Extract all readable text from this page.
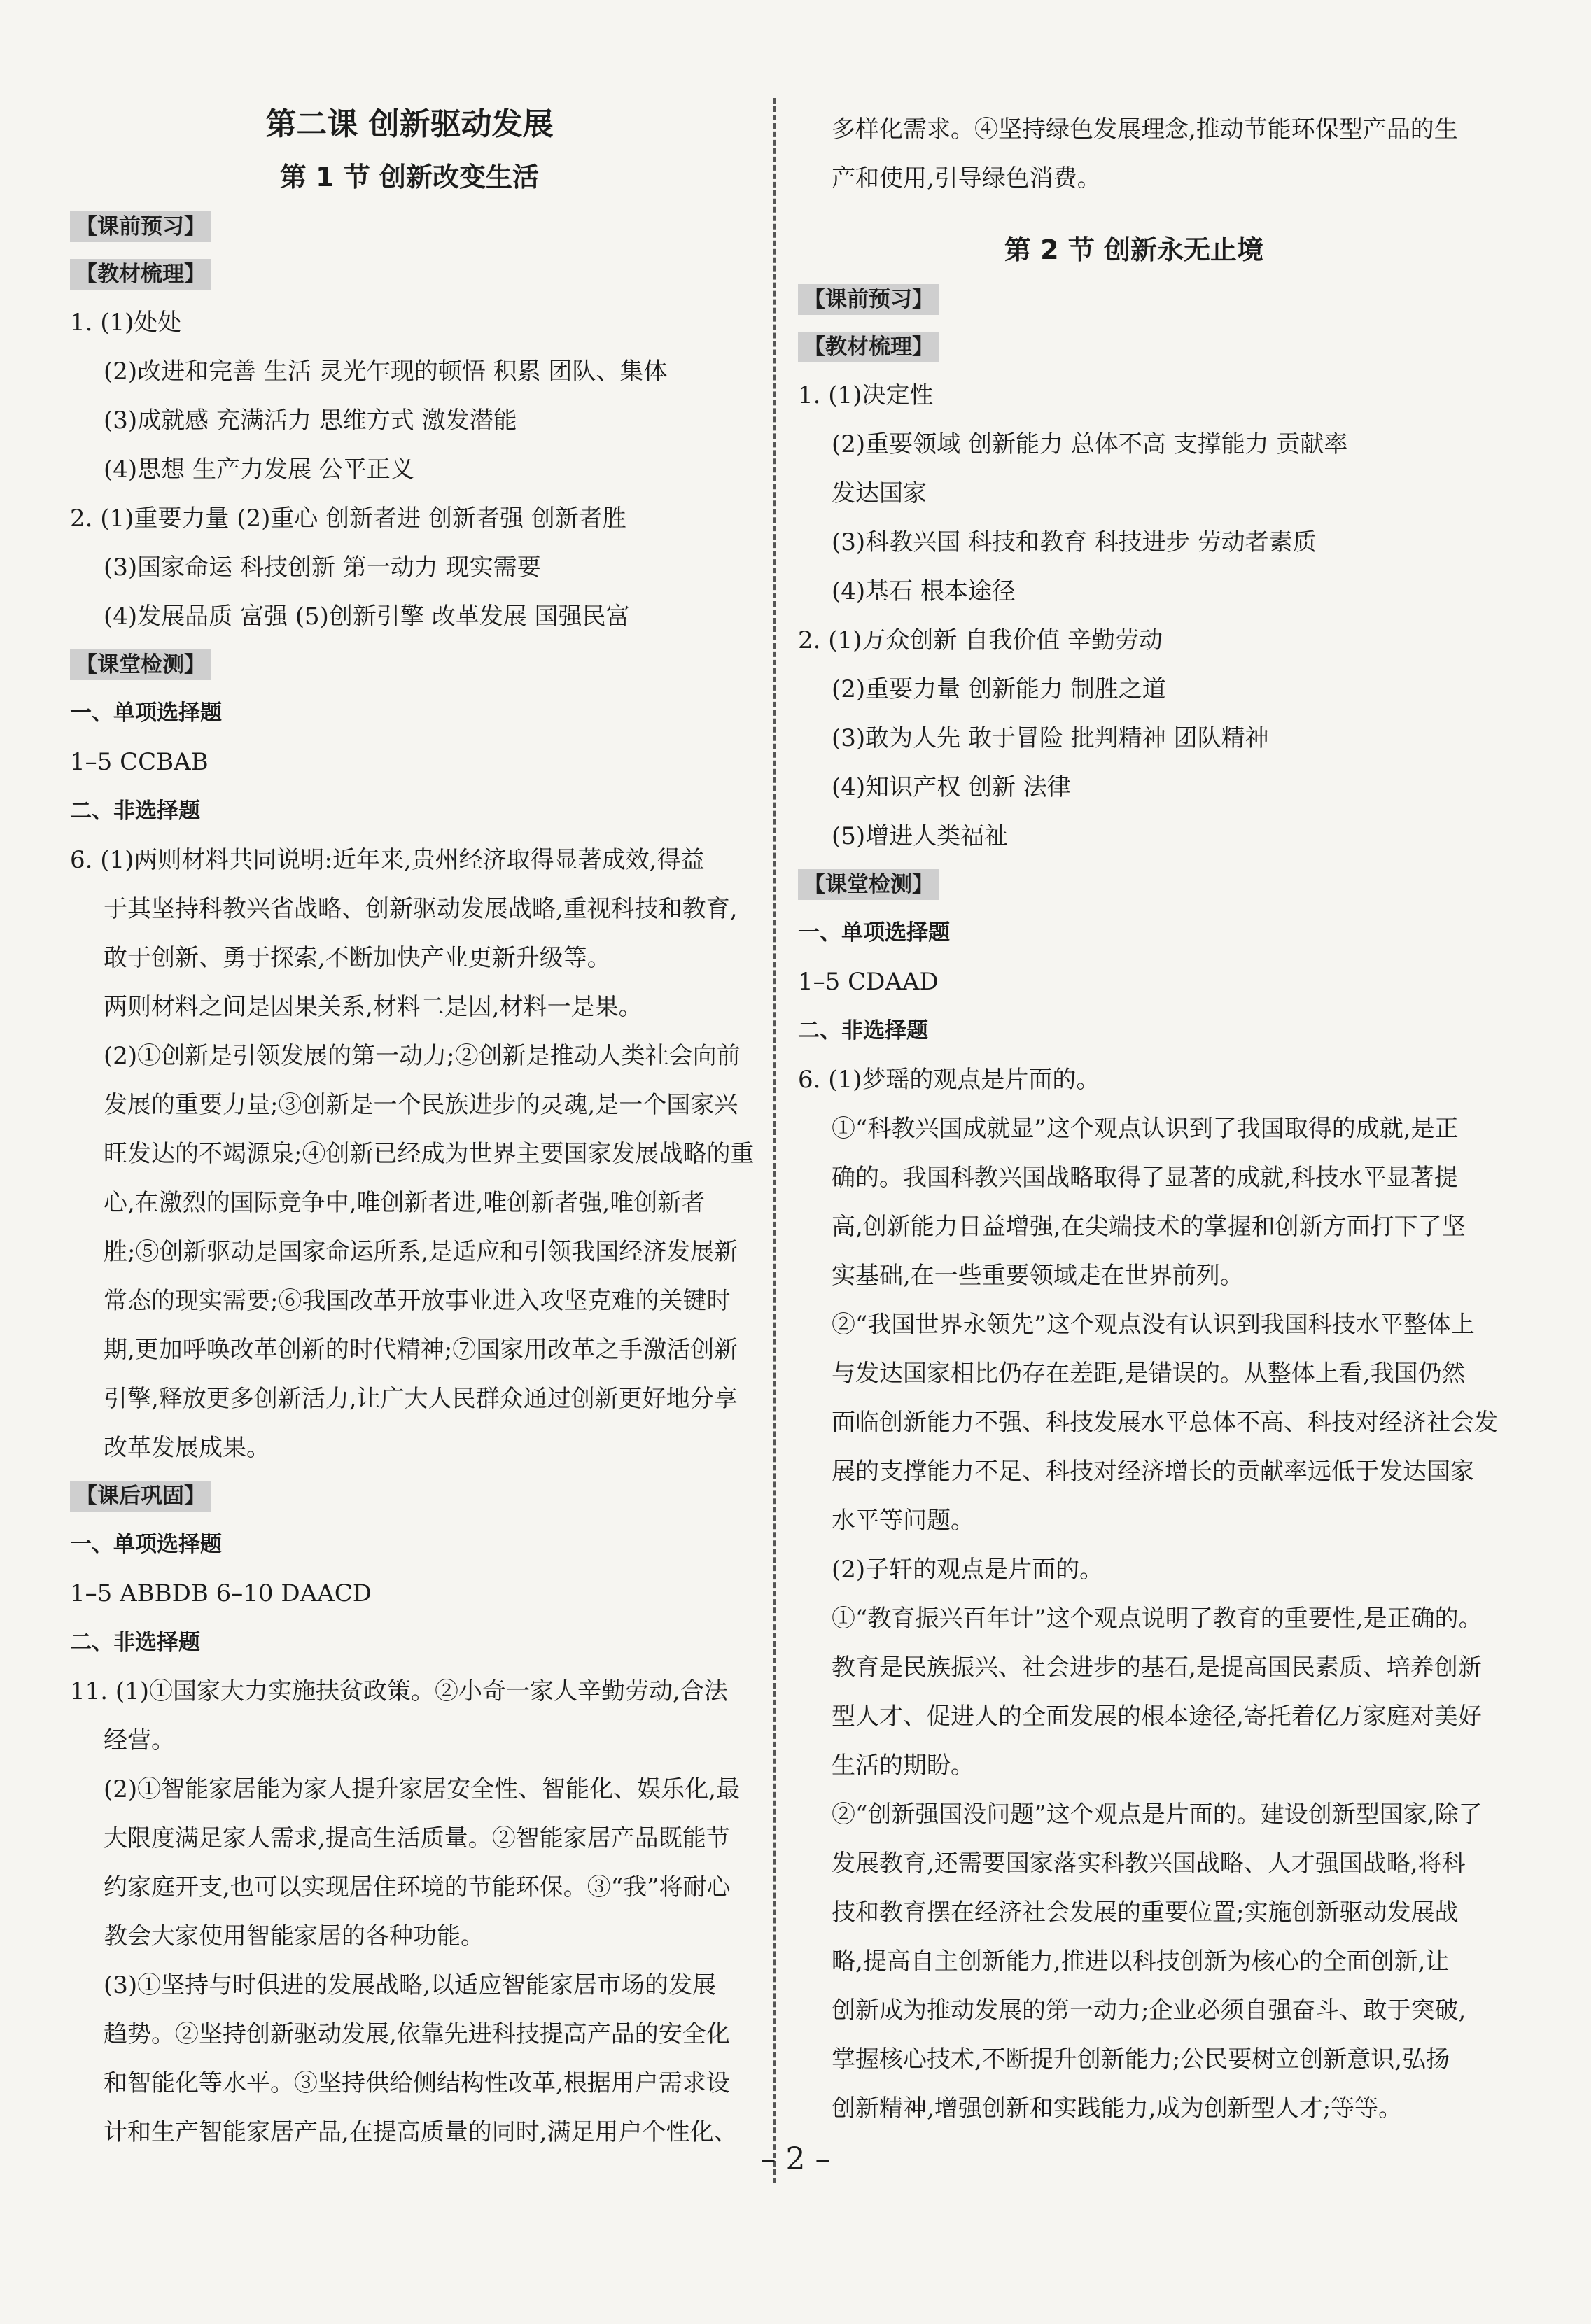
第二课 创新驱动发展
第 1 节 创新改变生活
【课前预习】
【教材梳理】
1. (1)处处
(2)改进和完善 生活 灵光乍现的顿悟 积累 团队、集体
(3)成就感 充满活力 思维方式 激发潜能
(4)思想 生产力发展 公平正义
2. (1)重要力量 (2)重心 创新者进 创新者强 创新者胜
(3)国家命运 科技创新 第一动力 现实需要
(4)发展品质 富强 (5)创新引擎 改革发展 国强民富
【课堂检测】
一、单项选择题
1–5 CCBAB
二、非选择题
6. (1)两则材料共同说明:近年来,贵州经济取得显著成效,得益
于其坚持科教兴省战略、创新驱动发展战略,重视科技和教育,
敢于创新、勇于探索,不断加快产业更新升级等。
两则材料之间是因果关系,材料二是因,材料一是果。
(2)①创新是引领发展的第一动力;②创新是推动人类社会向前
发展的重要力量;③创新是一个民族进步的灵魂,是一个国家兴
旺发达的不竭源泉;④创新已经成为世界主要国家发展战略的重
心,在激烈的国际竞争中,唯创新者进,唯创新者强,唯创新者
胜;⑤创新驱动是国家命运所系,是适应和引领我国经济发展新
常态的现实需要;⑥我国改革开放事业进入攻坚克难的关键时
期,更加呼唤改革创新的时代精神;⑦国家用改革之手激活创新
引擎,释放更多创新活力,让广大人民群众通过创新更好地分享
改革发展成果。
【课后巩固】
一、单项选择题
1–5 ABBDB 6–10 DAACD
二、非选择题
11. (1)①国家大力实施扶贫政策。②小奇一家人辛勤劳动,合法
经营。
(2)①智能家居能为家人提升家居安全性、智能化、娱乐化,最
大限度满足家人需求,提高生活质量。②智能家居产品既能节
约家庭开支,也可以实现居住环境的节能环保。③“我”将耐心
教会大家使用智能家居的各种功能。
(3)①坚持与时俱进的发展战略,以适应智能家居市场的发展
趋势。②坚持创新驱动发展,依靠先进科技提高产品的安全化
和智能化等水平。③坚持供给侧结构性改革,根据用户需求设
计和生产智能家居产品,在提高质量的同时,满足用户个性化、
多样化需求。④坚持绿色发展理念,推动节能环保型产品的生
产和使用,引导绿色消费。
第 2 节 创新永无止境
【课前预习】
【教材梳理】
1. (1)决定性
(2)重要领域 创新能力 总体不高 支撑能力 贡献率
发达国家
(3)科教兴国 科技和教育 科技进步 劳动者素质
(4)基石 根本途径
2. (1)万众创新 自我价值 辛勤劳动
(2)重要力量 创新能力 制胜之道
(3)敢为人先 敢于冒险 批判精神 团队精神
(4)知识产权 创新 法律
(5)增进人类福祉
【课堂检测】
一、单项选择题
1–5 CDAAD
二、非选择题
6. (1)梦瑶的观点是片面的。
①“科教兴国成就显”这个观点认识到了我国取得的成就,是正
确的。我国科教兴国战略取得了显著的成就,科技水平显著提
高,创新能力日益增强,在尖端技术的掌握和创新方面打下了坚
实基础,在一些重要领域走在世界前列。
②“我国世界永领先”这个观点没有认识到我国科技水平整体上
与发达国家相比仍存在差距,是错误的。从整体上看,我国仍然
面临创新能力不强、科技发展水平总体不高、科技对经济社会发
展的支撑能力不足、科技对经济增长的贡献率远低于发达国家
水平等问题。
(2)子轩的观点是片面的。
①“教育振兴百年计”这个观点说明了教育的重要性,是正确的。
教育是民族振兴、社会进步的基石,是提高国民素质、培养创新
型人才、促进人的全面发展的根本途径,寄托着亿万家庭对美好
生活的期盼。
②“创新强国没问题”这个观点是片面的。建设创新型国家,除了
发展教育,还需要国家落实科教兴国战略、人才强国战略,将科
技和教育摆在经济社会发展的重要位置;实施创新驱动发展战
略,提高自主创新能力,推进以科技创新为核心的全面创新,让
创新成为推动发展的第一动力;企业必须自强奋斗、敢于突破,
掌握核心技术,不断提升创新能力;公民要树立创新意识,弘扬
创新精神,增强创新和实践能力,成为创新型人才;等等。
– 2 –
